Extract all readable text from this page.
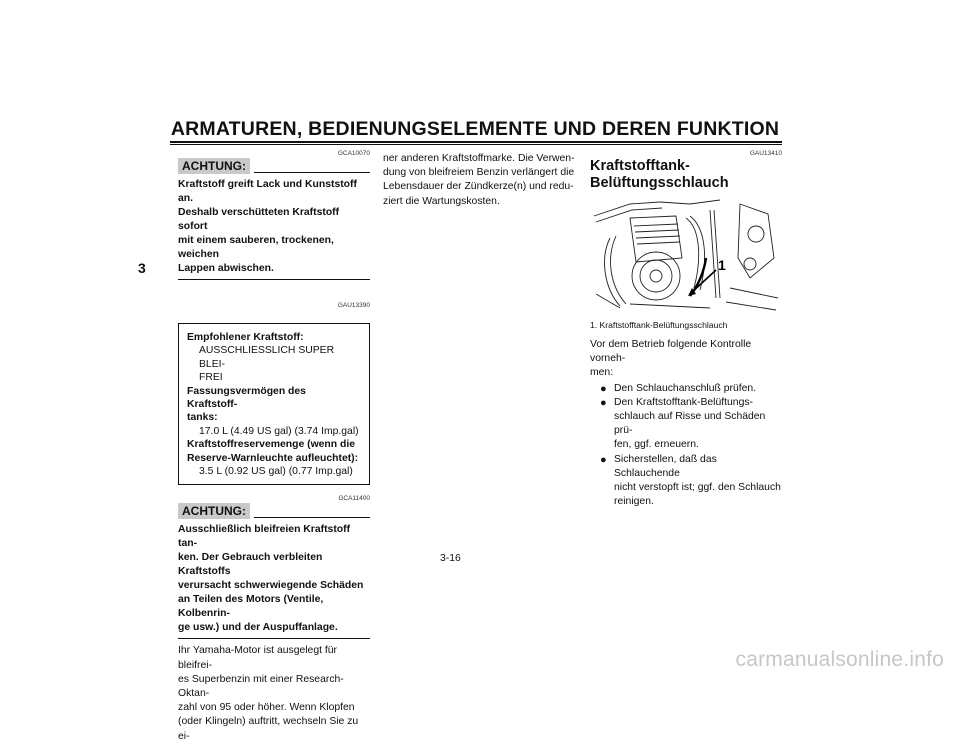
ARMATUREN, BEDIENUNGSELEMENTE UND DEREN FUNKTION
3
GCA10070
ACHTUNG:
Kraftstoff greift Lack und Kunststoff an.
Deshalb verschütteten Kraftstoff sofort
mit einem sauberen, trockenen, weichen
Lappen abwischen.
GAU13390
Empfohlener Kraftstoff:
AUSSCHLIESSLICH SUPER BLEI-
FREI
Fassungsvermögen des Kraftstoff-
tanks:
17.0 L (4.49 US gal) (3.74 Imp.gal)
Kraftstoffreservemenge (wenn die
Reserve-Warnleuchte aufleuchtet):
3.5 L (0.92 US gal) (0.77 Imp.gal)
GCA11400
ACHTUNG:
Ausschließlich bleifreien Kraftstoff tan-
ken. Der Gebrauch verbleiten Kraftstoffs
verursacht schwerwiegende Schäden
an Teilen des Motors (Ventile, Kolbenrin-
ge usw.) und der Auspuffanlage.
Ihr Yamaha-Motor ist ausgelegt für bleifrei-
es Superbenzin mit einer Research-Oktan-
zahl von 95 oder höher. Wenn Klopfen
(oder Klingeln) auftritt, wechseln Sie zu ei-
ner anderen Kraftstoffmarke. Die Verwen-
dung von bleifreiem Benzin verlängert die
Lebensdauer der Zündkerze(n) und redu-
ziert die Wartungskosten.
GAU13410
Kraftstofftank-
Belüftungsschlauch
1
1. Kraftstofftank-Belüftungsschlauch
Vor dem Betrieb folgende Kontrolle vorneh-
men:
● Den Schlauchanschluß prüfen.
● Den Kraftstofftank-Belüftungs-
schlauch auf Risse und Schäden prü-
fen, ggf. erneuern.
● Sicherstellen, daß das Schlauchende
nicht verstopft ist; ggf. den Schlauch
reinigen.
3-16
carmanualsonline.info
